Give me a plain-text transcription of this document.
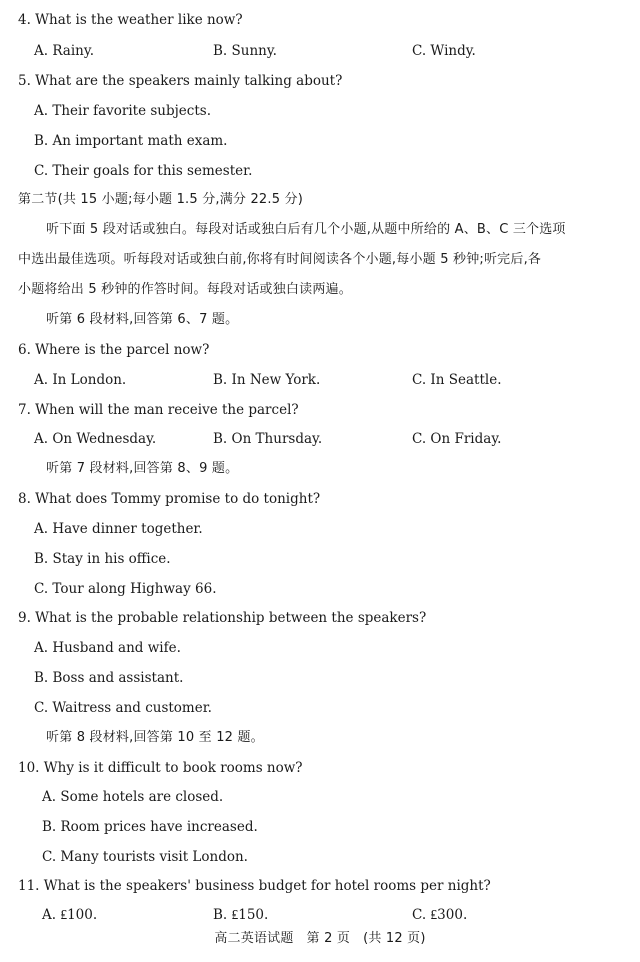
4. What is the weather like now?
A. Rainy.	B. Sunny.	C. Windy.
5. What are the speakers mainly talking about?
A. Their favorite subjects.
B. An important math exam.
C. Their goals for this semester.
第二节(共 15 小题;每小题 1.5 分,满分 22.5 分)
听下面 5 段对话或独白。每段对话或独白后有几个小题,从题中所给的 A、B、C 三个选项
中选出最佳选项。听每段对话或独白前,你将有时间阅读各个小题,每小题 5 秒钟;听完后,各
小题将给出 5 秒钟的作答时间。每段对话或独白读两遍。
听第 6 段材料,回答第 6、7 题。
6. Where is the parcel now?
A. In London.	B. In New York.	C. In Seattle.
7. When will the man receive the parcel?
A. On Wednesday.	B. On Thursday.	C. On Friday.
听第 7 段材料,回答第 8、9 题。
8. What does Tommy promise to do tonight?
A. Have dinner together.
B. Stay in his office.
C. Tour along Highway 66.
9. What is the probable relationship between the speakers?
A. Husband and wife.
B. Boss and assistant.
C. Waitress and customer.
听第 8 段材料,回答第 10 至 12 题。
10. Why is it difficult to book rooms now?
A. Some hotels are closed.
B. Room prices have increased.
C. Many tourists visit London.
11. What is the speakers' business budget for hotel rooms per night?
A. ₤100.	B. ₤150.	C. ₤300.
高二英语试题   第 2 页   (共 12 页)
